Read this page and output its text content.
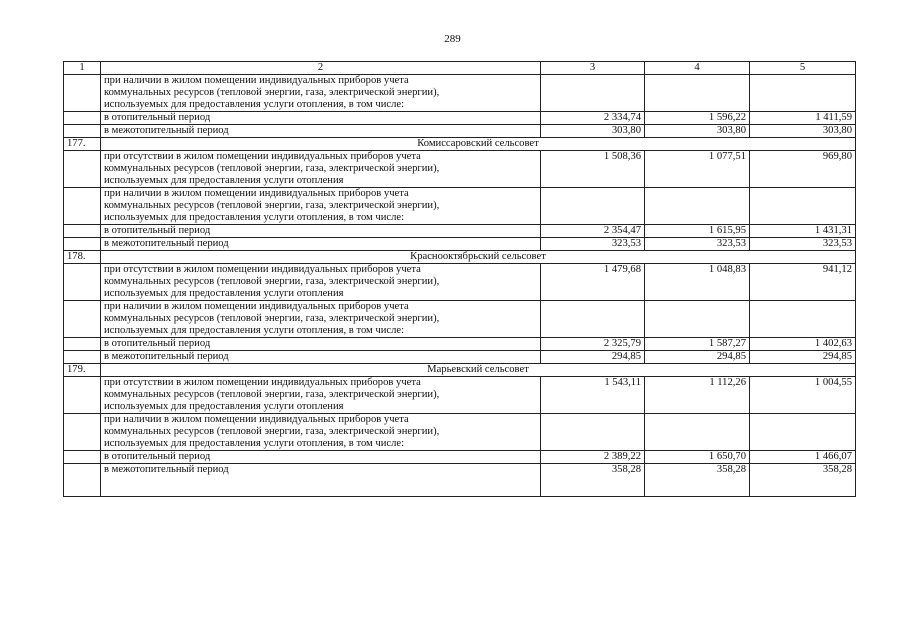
289
1	2	3	4	5

	при наличии в жилом помещении индивидуальных приборов учета
коммунальных ресурсов (тепловой энергии, газа, электрической энергии),
используемых для предоставления услуги отопления, в том числе:			

	в отопительный период	2 334,74	1 596,22	1 411,59
	в межотопительный период	303,80	303,80	303,80
177.	Комиссаровский сельсовет			

	при отсутствии в жилом помещении индивидуальных приборов учета
коммунальных ресурсов (тепловой энергии, газа, электрической энергии),
используемых для предоставления услуги отопления	1 508,36	1 077,51	969,80

	при наличии в жилом помещении индивидуальных приборов учета
коммунальных ресурсов (тепловой энергии, газа, электрической энергии),
используемых для предоставления услуги отопления, в том числе:			

	в отопительный период	2 354,47	1 615,95	1 431,31
	в межотопительный период	323,53	323,53	323,53
178.	Краснооктябрьский сельсовет			

	при отсутствии в жилом помещении индивидуальных приборов учета
коммунальных ресурсов (тепловой энергии, газа, электрической энергии),
используемых для предоставления услуги отопления	1 479,68	1 048,83	941,12

	при наличии в жилом помещении индивидуальных приборов учета
коммунальных ресурсов (тепловой энергии, газа, электрической энергии),
используемых для предоставления услуги отопления, в том числе:			

	в отопительный период	2 325,79	1 587,27	1 402,63
	в межотопительный период	294,85	294,85	294,85
179.	Марьевский сельсовет			

	при отсутствии в жилом помещении индивидуальных приборов учета
коммунальных ресурсов (тепловой энергии, газа, электрической энергии),
используемых для предоставления услуги отопления	1 543,11	1 112,26	1 004,55

	при наличии в жилом помещении индивидуальных приборов учета
коммунальных ресурсов (тепловой энергии, газа, электрической энергии),
используемых для предоставления услуги отопления, в том числе:			

	в отопительный период	2 389,22	1 650,70	1 466,07
	в межотопительный период	358,28	358,28	358,28
